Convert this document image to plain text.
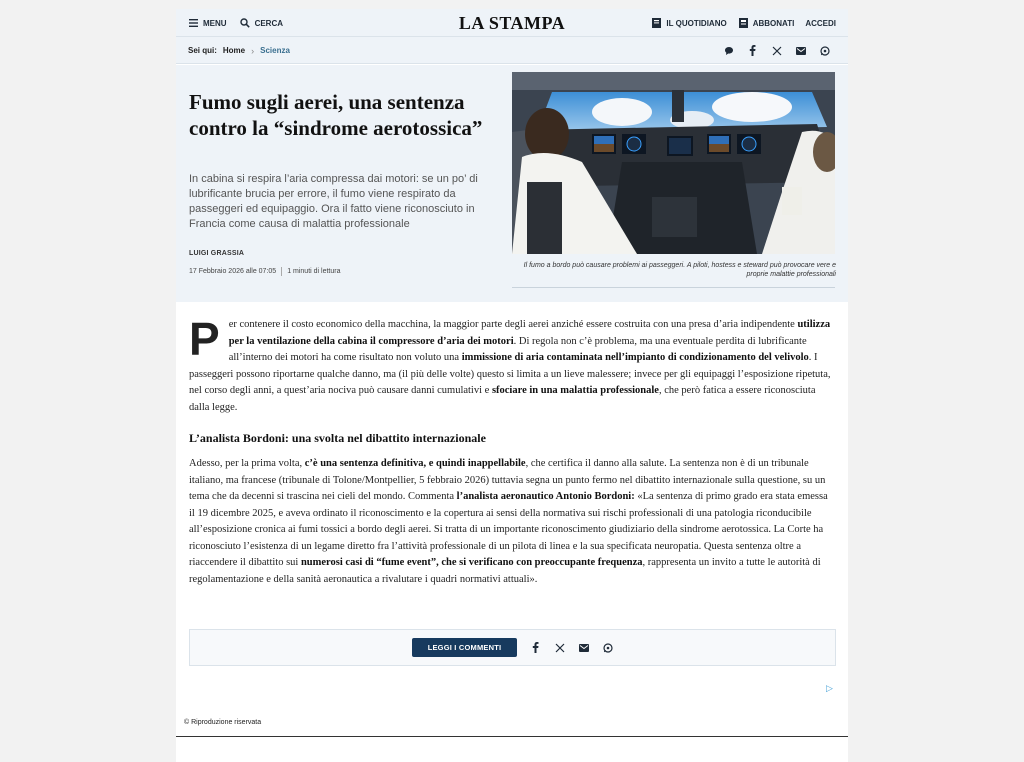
MENU	CERCA	LA STAMPA	IL QUOTIDIANO	ABBONATI ACCEDI
Sei qui: Home › Scienza
Fumo sugli aerei, una sentenza contro la “sindrome aerotossica”

In cabina si respira l’aria compressa dai motori: se un po’ di lubrificante brucia per errore, il fumo viene respirato da passeggeri ed equipaggio. Ora il fatto viene riconosciuto in Francia come causa di malattia professionale

LUIGI GRASSIA
17 Febbraio 2026 alle 07:05 1 minuti di lettura

Il fumo a bordo può causare problemi ai passeggeri. A piloti, hostess e steward può provocare vere e proprie malattie professionali

Per contenere il costo economico della macchina, la maggior parte degli aerei anziché essere costruita con una presa d’aria indipendente utilizza per la ventilazione della cabina il compressore d’aria dei motori. Di regola non c’è problema, ma una eventuale perdita di lubrificante all’interno dei motori ha come risultato non voluto una immissione di aria contaminata nell’impianto di condizionamento del velivolo. I passeggeri possono riportarne qualche danno, ma (il più delle volte) questo si limita a un lieve malessere; invece per gli equipaggi l’esposizione ripetuta, nel corso degli anni, a quest’aria nociva può causare danni cumulativi e sfociare in una malattia professionale, che però fatica a essere riconosciuta dalla legge.

L’analista Bordoni: una svolta nel dibattito internazionale

Adesso, per la prima volta, c’è una sentenza definitiva, e quindi inappellabile, che certifica il danno alla salute. La sentenza non è di un tribunale italiano, ma francese (tribunale di Tolone/Montpellier, 5 febbraio 2026) tuttavia segna un punto fermo nel dibattito internazionale sulla questione, su un tema che da decenni si trascina nei cieli del mondo. Commenta l’analista aeronautico Antonio Bordoni: «La sentenza di primo grado era stata emessa il 19 dicembre 2025, e aveva ordinato il riconoscimento e la copertura ai sensi della normativa sui rischi professionali di una patologia riconducibile all’esposizione cronica ai fumi tossici a bordo degli aerei. Si tratta di un importante riconoscimento giudiziario della sindrome aerotossica. La Corte ha riconosciuto l’esistenza di un legame diretto fra l’attività professionale di un pilota di linea e la sua specificata neuropatia. Questa sentenza oltre a riaccendere il dibattito sui numerosi casi di “fume event”, che si verificano con preoccupante frequenza, rappresenta un invito a tutte le autorità di regolamentazione e della sanità aeronautica a rivalutare i quadri normativi attuali».

LEGGI I COMMENTI
▷
© Riproduzione riservata
